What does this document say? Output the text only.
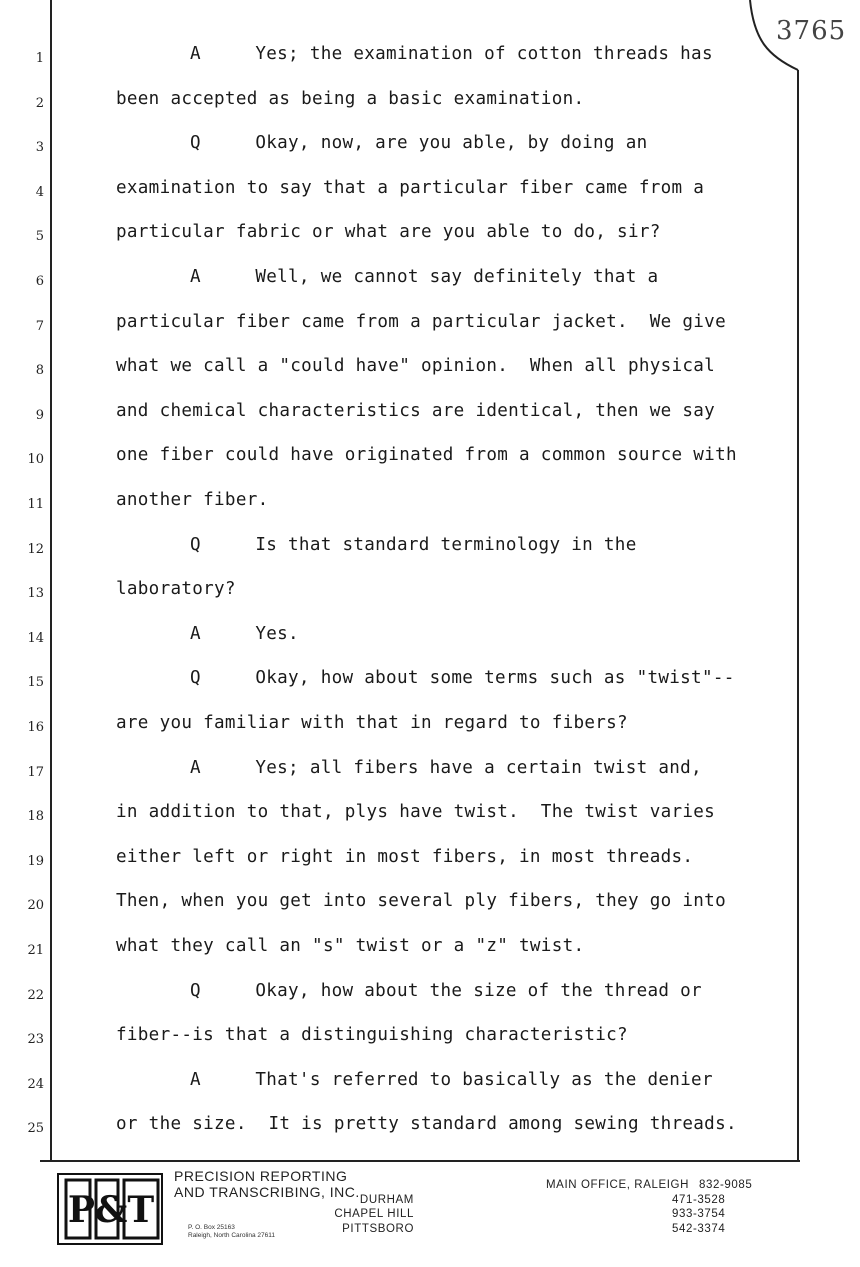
3765
1	A     Yes; the examination of cotton threads has
2	been accepted as being a basic examination.
3	Q     Okay, now, are you able, by doing an
4	examination to say that a particular fiber came from a
5	particular fabric or what are you able to do, sir?
6	A     Well, we cannot say definitely that a
7	particular fiber came from a particular jacket.  We give
8	what we call a "could have" opinion.  When all physical
9	and chemical characteristics are identical, then we say
10	one fiber could have originated from a common source with
11	another fiber.
12	Q     Is that standard terminology in the
13	laboratory?
14	A     Yes.
15	Q     Okay, how about some terms such as "twist"--
16	are you familiar with that in regard to fibers?
17	A     Yes; all fibers have a certain twist and,
18	in addition to that, plys have twist.  The twist varies
19	either left or right in most fibers, in most threads.
20	Then, when you get into several ply fibers, they go into
21	what they call an "s" twist or a "z" twist.
22	Q     Okay, how about the size of the thread or
23	fiber--is that a distinguishing characteristic?
24	A     That's referred to basically as the denier
25	or the size.  It is pretty standard among sewing threads.
P&T
PRECISION REPORTING
AND TRANSCRIBING, INC.
P. O. Box 25163
Raleigh, North Carolina 27611
MAIN OFFICE, RALEIGH 832-9085
DURHAM	471-3528
CHAPEL HILL	933-3754
PITTSBORO	542-3374
